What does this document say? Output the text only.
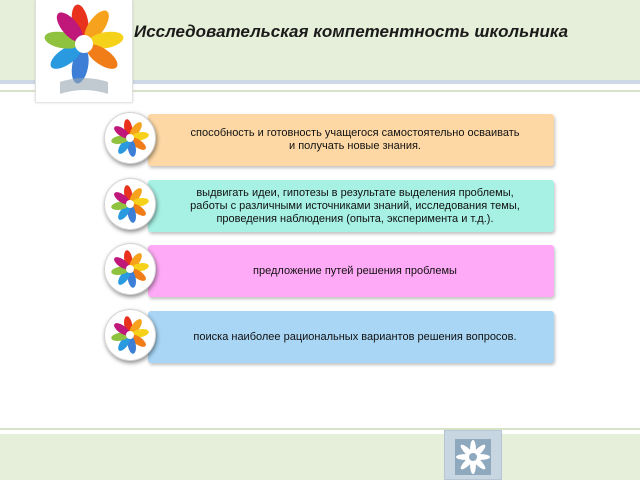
Исследовательская компетентность школьника
способность и готовность учащегося самостоятельно осваивать
и получать новые знания.
выдвигать идеи, гипотезы в результате выделения проблемы,
работы с различными источниками знаний, исследования темы,
проведения наблюдения (опыта, эксперимента и т.д.).
предложение путей решения проблемы
поиска наиболее рациональных вариантов решения вопросов.
